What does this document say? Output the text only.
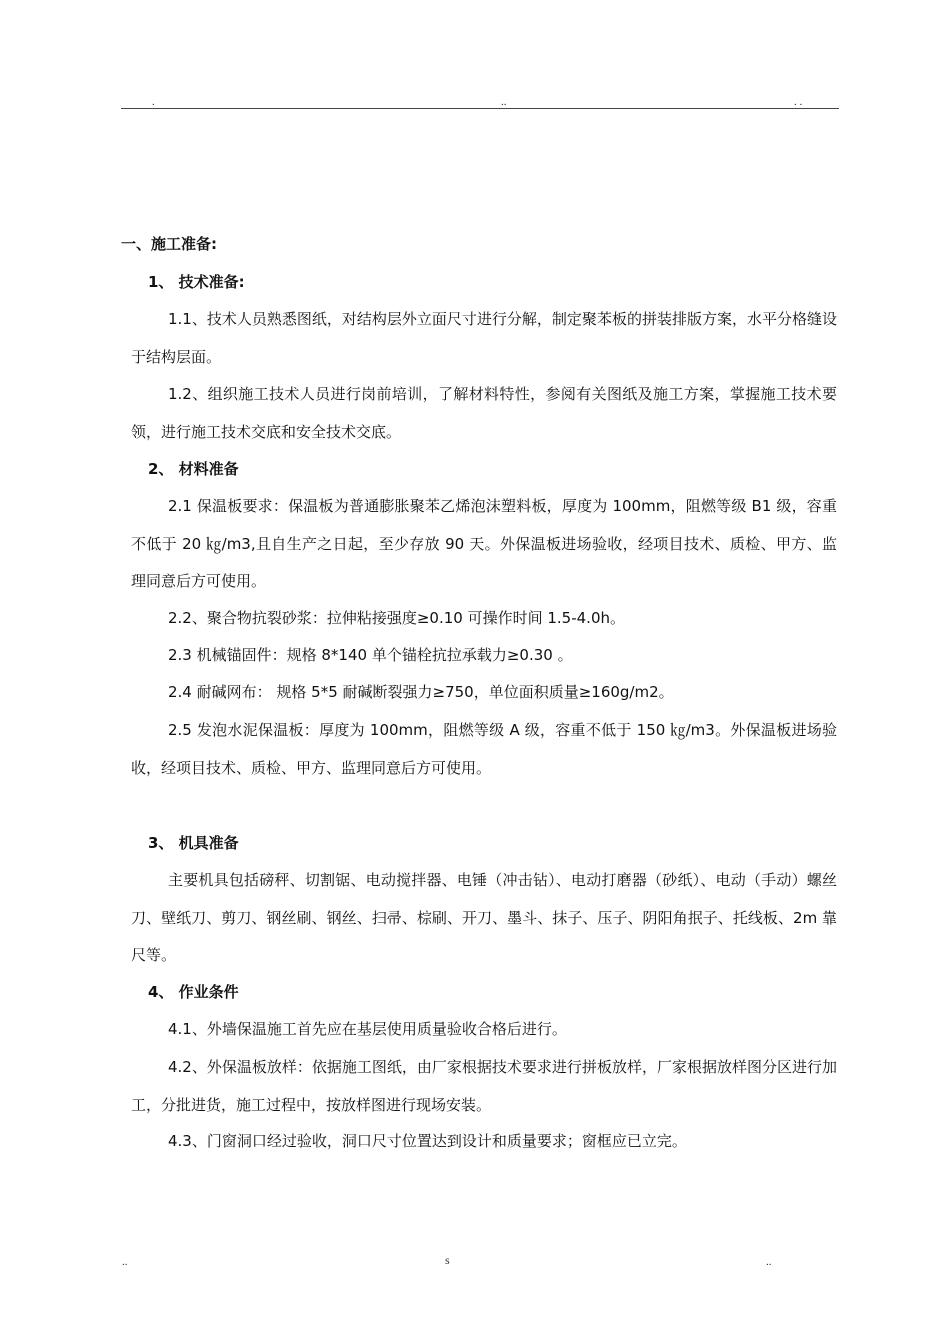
.	..	. .
一、施工准备:
1、 技术准备:

1.1、技术人员熟悉图纸，对结构层外立面尺寸进行分解，制定聚苯板的拼装排版方案，水平分格缝设于结构层面。

1.2、组织施工技术人员进行岗前培训，了解材料特性，参阅有关图纸及施工方案，掌握施工技术要领，进行施工技术交底和安全技术交底。

2、 材料准备

2.1 保温板要求：保温板为普通膨胀聚苯乙烯泡沫塑料板，厚度为 100mm，阻燃等级 B1 级，容重不低于 20 ㎏/m3,且自生产之日起，至少存放 90 天。外保温板进场验收，经项目技术、质检、甲方、监理同意后方可使用。

2.2、聚合物抗裂砂浆：拉伸粘接强度≥0.10 可操作时间 1.5-4.0h。

2.3 机械锚固件：规格 8*140 单个锚栓抗拉承载力≥0.30 。

2.4 耐碱网布： 规格 5*5 耐碱断裂强力≥750，单位面积质量≥160g/m2。

2.5 发泡水泥保温板：厚度为 100mm，阻燃等级 A 级，容重不低于 150 ㎏/m3。外保温板进场验收，经项目技术、质检、甲方、监理同意后方可使用。

3、 机具准备

主要机具包括磅秤、切割锯、电动搅拌器、电锤（冲击钻）、电动打磨器（砂纸）、电动（手动）螺丝刀、壁纸刀、剪刀、钢丝刷、钢丝、扫帚、棕刷、开刀、墨斗、抹子、压子、阴阳角抿子、托线板、2m 靠尺等。

4、 作业条件

4.1、外墙保温施工首先应在基层使用质量验收合格后进行。

4.2、外保温板放样：依据施工图纸，由厂家根据技术要求进行拼板放样，厂家根据放样图分区进行加工，分批进货，施工过程中，按放样图进行现场安装。

4.3、门窗洞口经过验收，洞口尺寸位置达到设计和质量要求；窗框应已立完。

..	s	..
